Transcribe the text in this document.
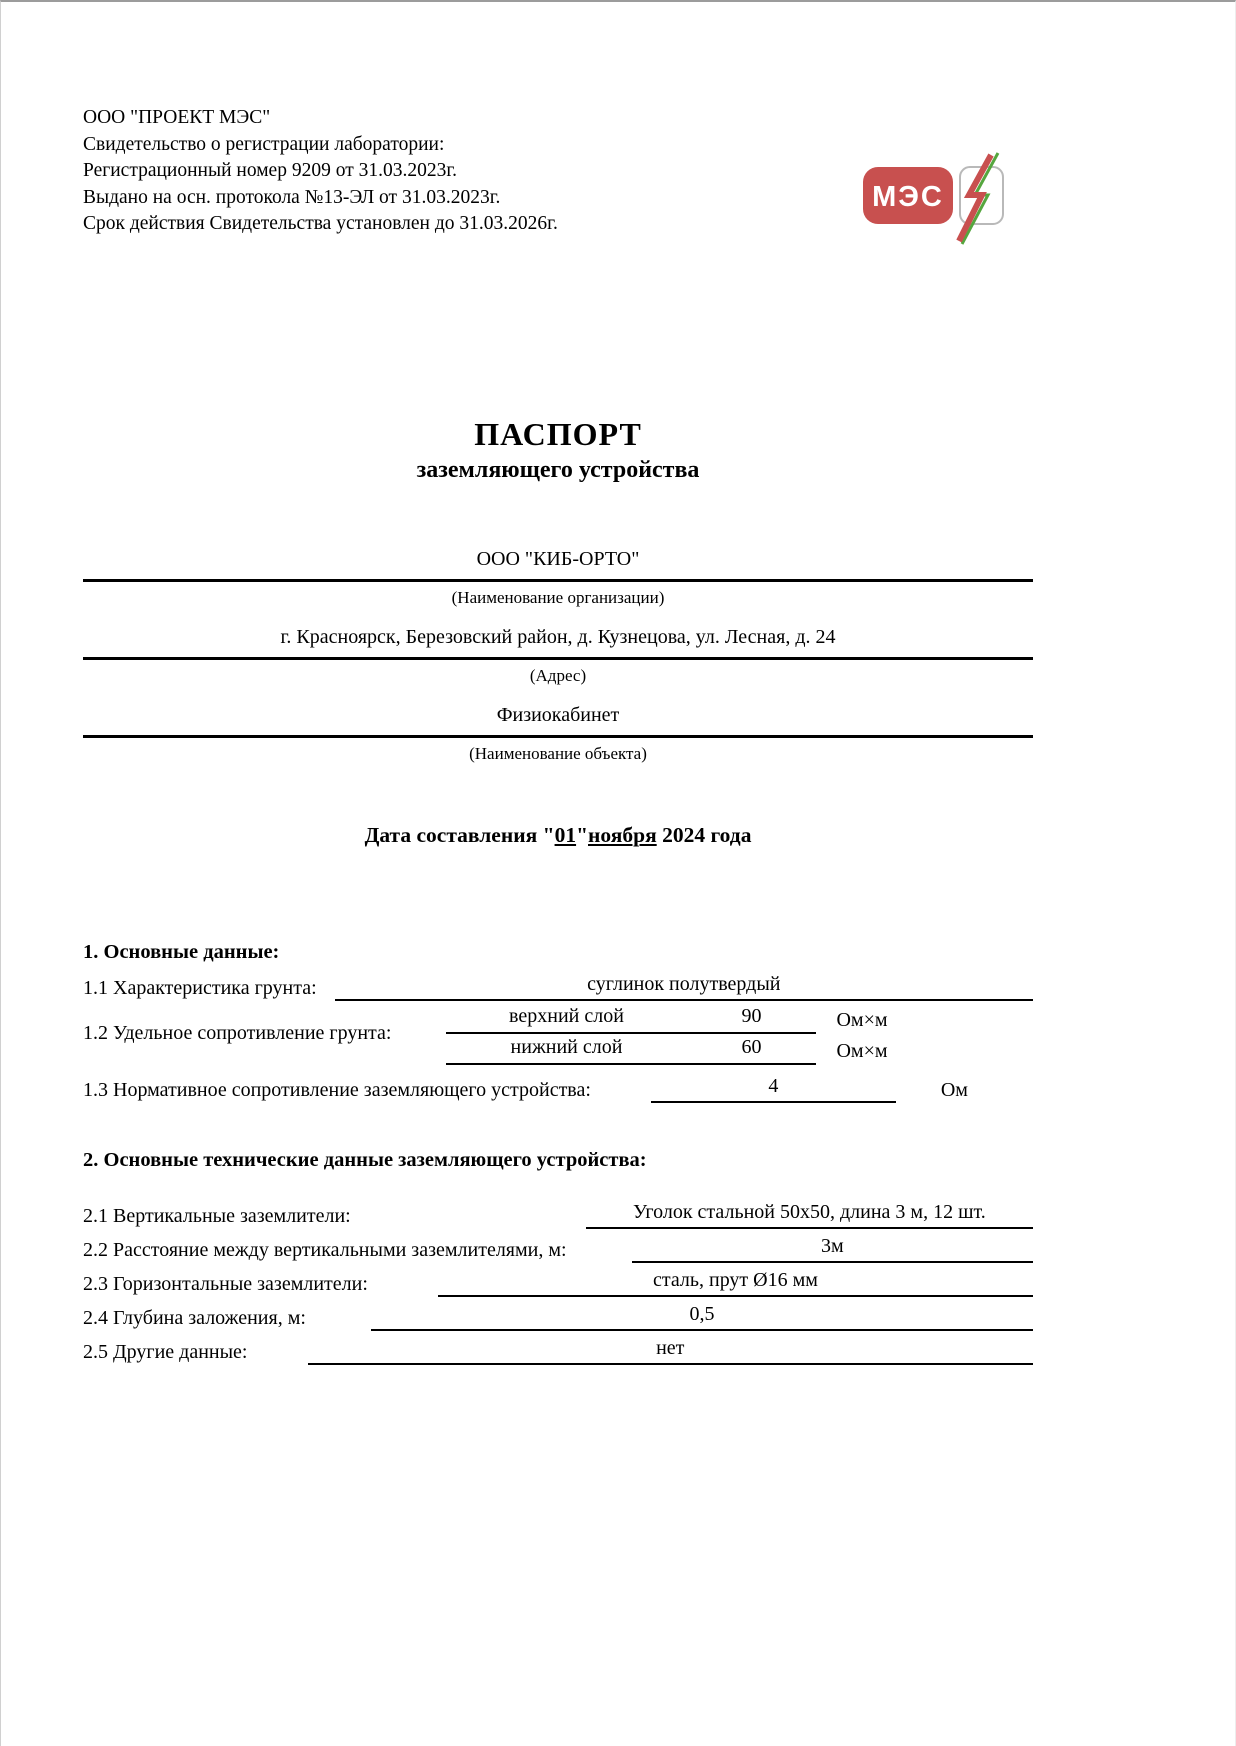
МЭС
ООО "ПРОЕКТ МЭС"
Свидетельство о регистрации лаборатории:
Регистрационный номер 9209 от 31.03.2023г.
Выдано на осн. протокола №13-ЭЛ от 31.03.2023г.
Срок действия Свидетельства установлен до 31.03.2026г.
ПАСПОРТ
заземляющего устройства
ООО "КИБ-ОРТО"
(Наименование организации)
г. Красноярск, Березовский район, д. Кузнецова, ул. Лесная, д. 24
(Адрес)
Физиокабинет
(Наименование объекта)
Дата составления "01"ноября 2024 года
1. Основные данные:
1.1 Характеристика грунта:	суглинок полутвердый
1.2 Удельное сопротивление грунта:
верхний слой	90	Ом×м
нижний слой	60	Ом×м
1.3 Нормативное сопротивление заземляющего устройства:	4	Ом
2. Основные технические данные заземляющего устройства:
2.1 Вертикальные заземлители:	Уголок стальной 50х50, длина 3 м, 12 шт.
2.2 Расстояние между вертикальными заземлителями, м:	3м
2.3 Горизонтальные заземлители:	сталь, прут Ø16 мм
2.4 Глубина заложения, м:	0,5
2.5 Другие данные:	нет
